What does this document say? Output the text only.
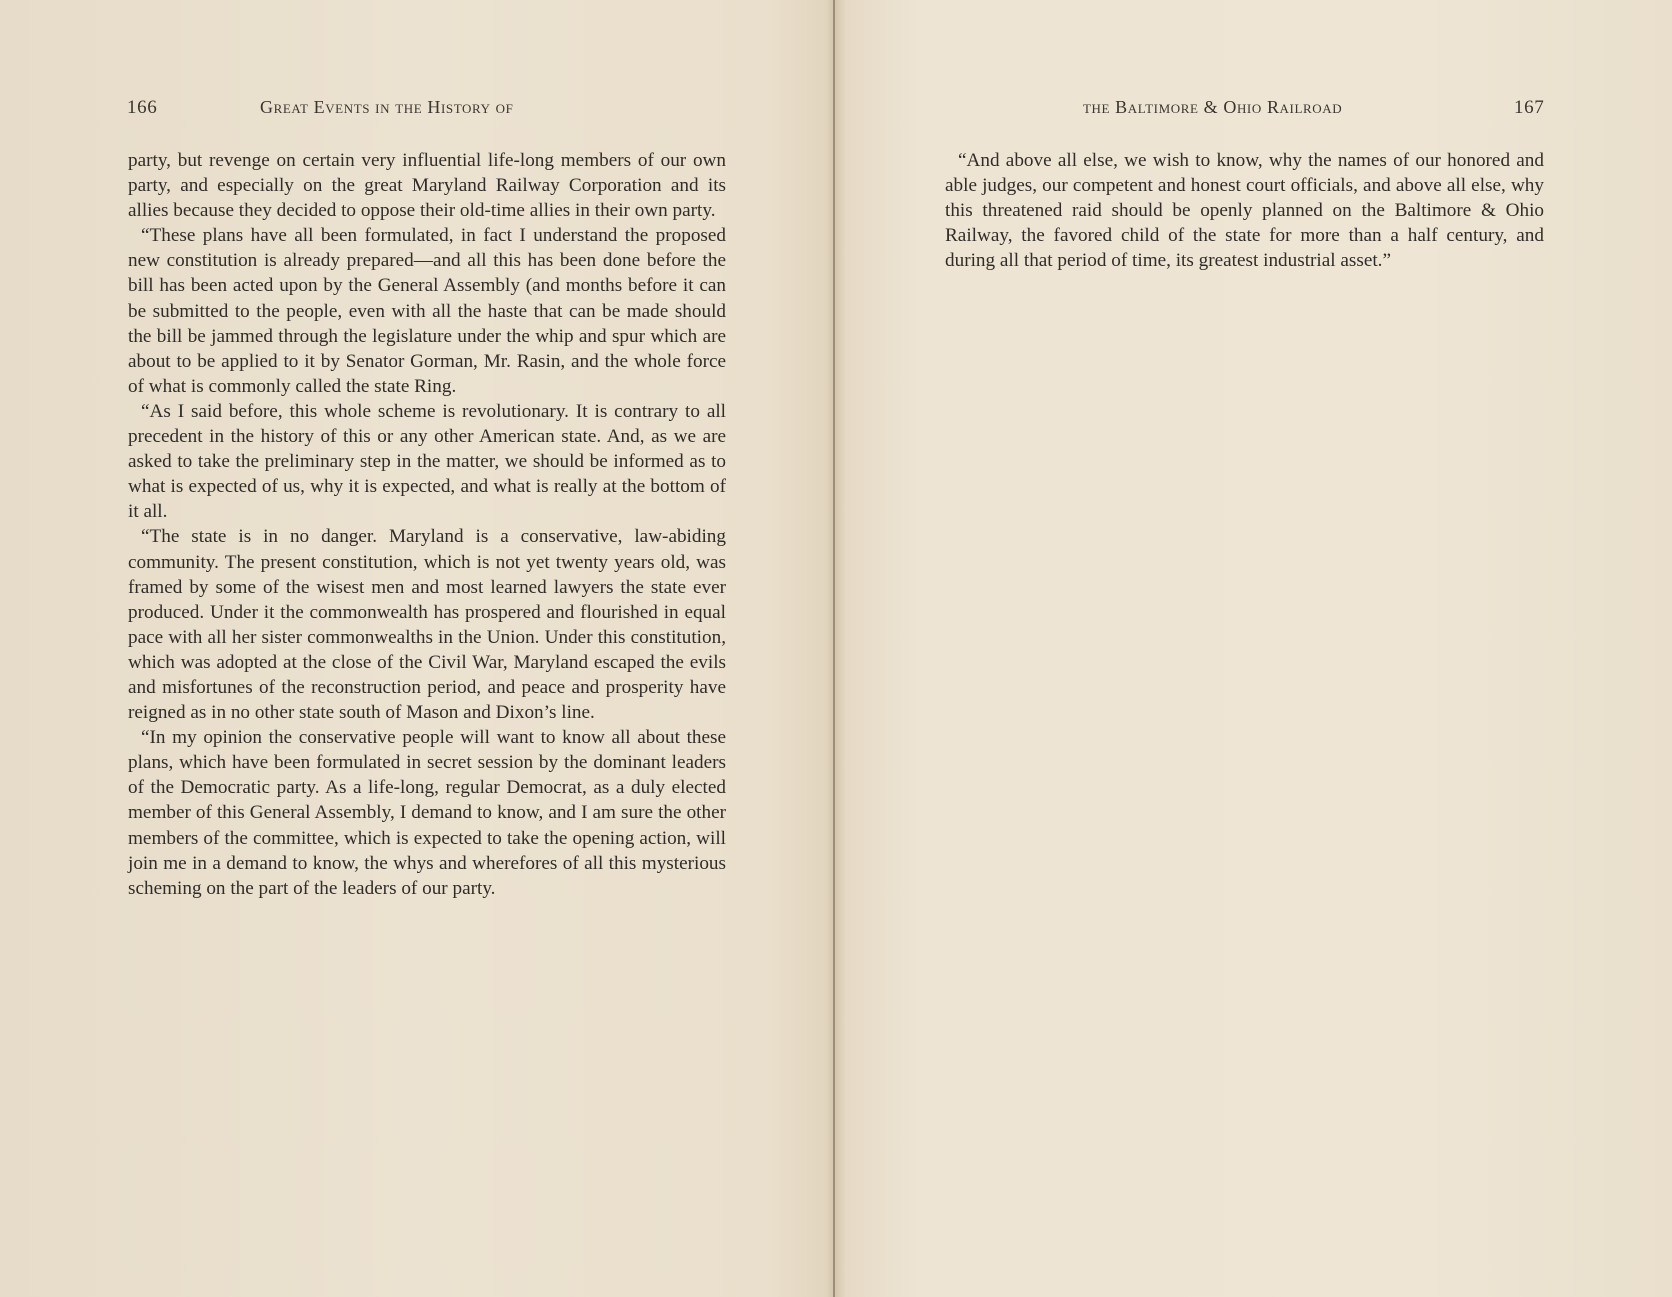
166	Great Events in the History of

party, but revenge on certain very influential life-long members of our own party, and especially on the great Maryland Railway Corporation and its allies because they decided to oppose their old-time allies in their own party.

“These plans have all been formulated, in fact I understand the proposed new constitution is already prepared—and all this has been done before the bill has been acted upon by the General Assembly (and months before it can be submitted to the people, even with all the haste that can be made should the bill be jammed through the legislature under the whip and spur which are about to be applied to it by Senator Gorman, Mr. Rasin, and the whole force of what is commonly called the state Ring.

“As I said before, this whole scheme is revolutionary. It is contrary to all precedent in the history of this or any other American state. And, as we are asked to take the preliminary step in the matter, we should be informed as to what is expected of us, why it is expected, and what is really at the bottom of it all.

“The state is in no danger. Maryland is a conservative, law-abiding community. The present constitution, which is not yet twenty years old, was framed by some of the wisest men and most learned lawyers the state ever produced. Under it the commonwealth has prospered and flourished in equal pace with all her sister commonwealths in the Union. Under this constitution, which was adopted at the close of the Civil War, Maryland escaped the evils and misfortunes of the reconstruction period, and peace and prosperity have reigned as in no other state south of Mason and Dixon’s line.

“In my opinion the conservative people will want to know all about these plans, which have been formulated in secret session by the dominant leaders of the Democratic party. As a life-long, regular Democrat, as a duly elected member of this General Assembly, I demand to know, and I am sure the other members of the committee, which is expected to take the opening action, will join me in a demand to know, the whys and wherefores of all this mysterious scheming on the part of the leaders of our party.

the Baltimore & Ohio Railroad	167

“And above all else, we wish to know, why the names of our honored and able judges, our competent and honest court officials, and above all else, why this threatened raid should be openly planned on the Baltimore & Ohio Railway, the favored child of the state for more than a half century, and during all that period of time, its greatest industrial asset.”
